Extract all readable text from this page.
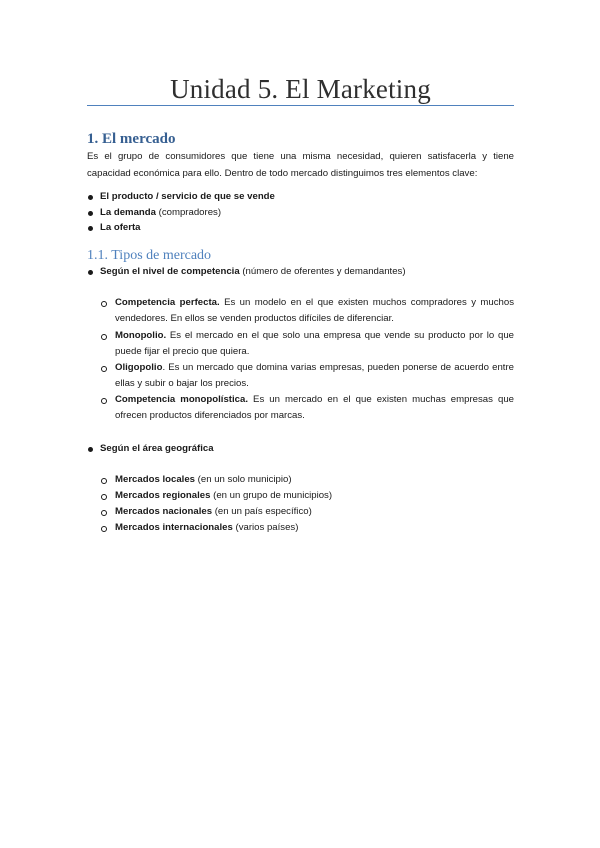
Unidad 5. El Marketing
1. El mercado

Es el grupo de consumidores que tiene una misma necesidad, quieren satisfacerla y tiene capacidad económica para ello. Dentro de todo mercado distinguimos tres elementos clave:

El producto / servicio de que se vende
La demanda (compradores)
La oferta
1.1. Tipos de mercado
Según el nivel de competencia (número de oferentes y demandantes)
Competencia perfecta. Es un modelo en el que existen muchos compradores y muchos vendedores. En ellos se venden productos difíciles de diferenciar.
Monopolio. Es el mercado en el que solo una empresa que vende su producto por lo que puede fijar el precio que quiera.
Oligopolio. Es un mercado que domina varias empresas, pueden ponerse de acuerdo entre ellas y subir o bajar los precios.
Competencia monopolística. Es un mercado en el que existen muchas empresas que ofrecen productos diferenciados por marcas.
Según el área geográfica
Mercados locales (en un solo municipio)
Mercados regionales (en un grupo de municipios)
Mercados nacionales (en un país específico)
Mercados internacionales (varios países)
